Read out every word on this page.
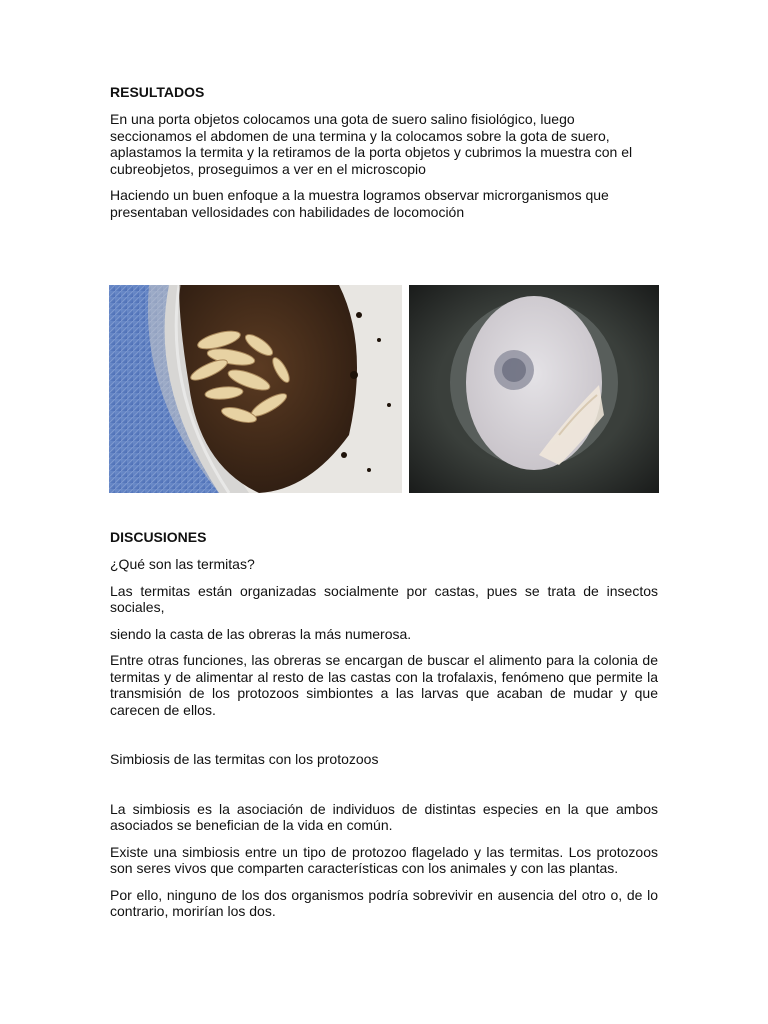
RESULTADOS

En una porta objetos colocamos una gota de suero salino fisiológico, luego seccionamos el abdomen de una termina y la colocamos sobre la gota de suero, aplastamos la termita y la retiramos de la porta objetos y cubrimos la muestra con el cubreobjetos, proseguimos a ver en el microscopio

Haciendo un buen enfoque a la muestra logramos observar microrganismos que presentaban vellosidades con habilidades de locomoción

DISCUSIONES

¿Qué son las termitas?

Las termitas están organizadas socialmente por castas, pues se trata de insectos sociales,

siendo la casta de las obreras la más numerosa.

Entre otras funciones, las obreras se encargan de buscar el alimento para la colonia de termitas y de alimentar al resto de las castas con la trofalaxis, fenómeno que permite la transmisión de los protozoos simbiontes a las larvas que acaban de mudar y que carecen de ellos.

Simbiosis de las termitas con los protozoos

La simbiosis es la asociación de individuos de distintas especies en la que ambos asociados se benefician de la vida en común.

Existe una simbiosis entre un tipo de protozoo flagelado y las termitas. Los protozoos son seres vivos que comparten características con los animales y con las plantas.

Por ello, ninguno de los dos organismos podría sobrevivir en ausencia del otro o, de lo contrario, morirían los dos.
